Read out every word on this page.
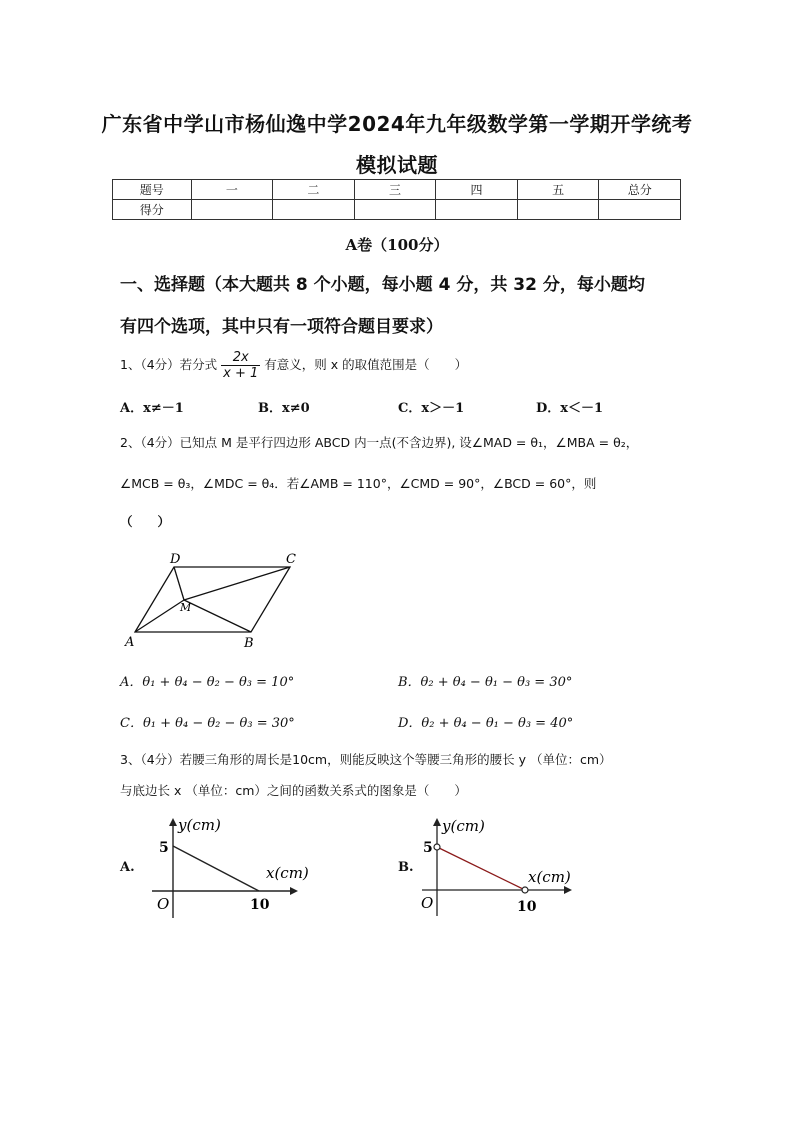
广东省中学山市杨仙逸中学2024年九年级数学第一学期开学统考
模拟试题
题号	一	二	三	四	五	总分
得分						
A卷（100分）
一、选择题（本大题共 8 个小题，每小题 4 分，共 32 分，每小题均
有四个选项，其中只有一项符合题目要求）
1、（4分）若分式 $\frac{2x}{x + 1}$ 有意义，则 x 的取值范围是（　　）
A．x≠－1	B．x≠0	C．x＞－1	D．x＜－1
2、（4分）已知点 M 是平行四边形 ABCD 内一点(不含边界), 设∠MAD = θ₁，∠MBA = θ₂，
∠MCB = θ₃，∠MDC = θ₄．若∠AMB = 110°，∠CMD = 90°，∠BCD = 60°，则
（　　）
A	B
C
D
M
A．θ₁ + θ₄ − θ₂ − θ₃ = 10°	B．θ₂ + θ₄ − θ₁ − θ₃ = 30°
C．θ₁ + θ₄ − θ₂ − θ₃ = 30°	D．θ₂ + θ₄ − θ₁ − θ₃ = 40°
3、（4分）若腰三角形的周长是10cm，则能反映这个等腰三角形的腰长 y （单位：cm）
与底边长 x （单位：cm）之间的函数关系式的图象是（　　）
A.
y(cm)
x(cm)
5
10
O
B.
y(cm)
x(cm)
5
10
O
